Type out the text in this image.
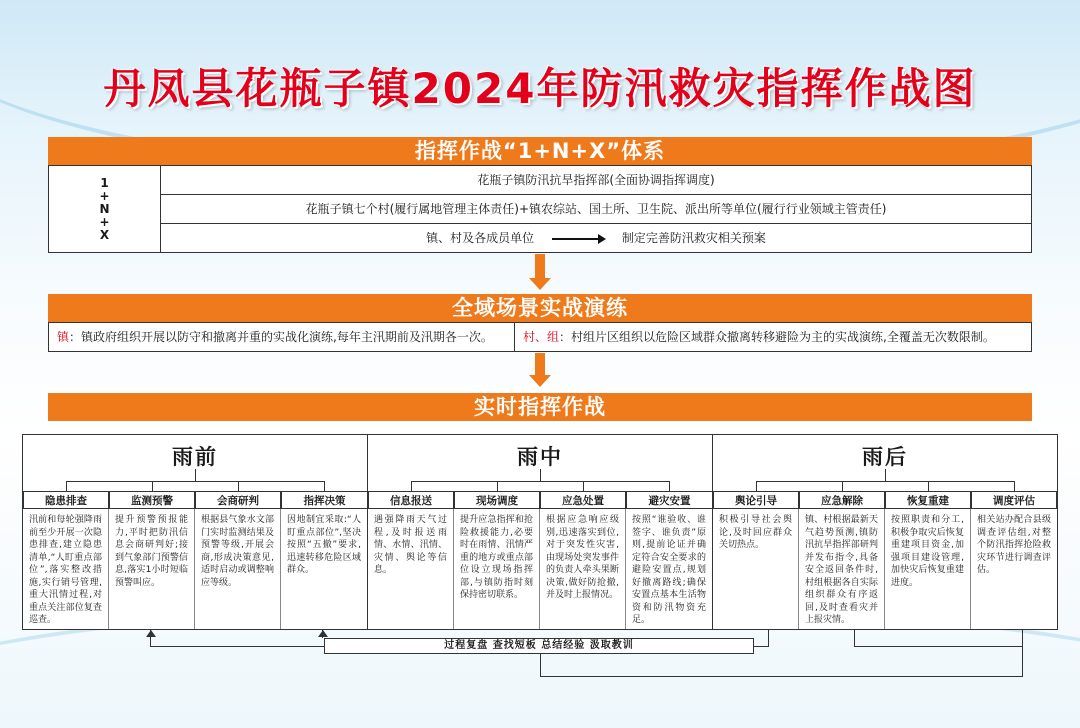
丹凤县花瓶子镇2024年防汛救灾指挥作战图
指挥作战“1+N+X”体系
1
+
N
+
X
花瓶子镇防汛抗旱指挥部(全面协调指挥调度)
花瓶子镇七个村(履行属地管理主体责任)+镇农综站、国土所、卫生院、派出所等单位(履行行业领域主管责任)
镇、村及各成员单位	制定完善防汛救灾相关预案
全域场景实战演练
镇：镇政府组织开展以防守和撤离并重的实战化演练,每年主汛期前及汛期各一次。	村、组：村组片区组织以危险区域群众撤离转移避险为主的实战演练,全覆盖无次数限制。
实时指挥作战
雨前
隐患排查	监测预警	会商研判	指挥决策
汛前和每轮强降雨前至少开展一次隐患排查,建立隐患清单,“人盯重点部位”,落实整改措施,实行销号管理,重大汛情过程,对重点关注部位复查巡查。
提升预警预报能力,平时把防汛信息会商研判好;接到气象部门预警信息,落实1小时短临预警叫应。
根据县气象水文部门实时监测结果及预警等级,开展会商,形成决策意见,适时启动或调整响应等级。
因地制宜采取:“人盯重点部位”,坚决按照“五撤”要求,迅速转移危险区域群众。
雨中
信息报送	现场调度	应急处置	避灾安置
遇强降雨天气过程,及时报送雨情、水情、汛情、灾情、舆论等信息。
提升应急指挥和抢险救援能力,必要时在雨情、汛情严重的地方或重点部位设立现场指挥部,与镇防指时刻保持密切联系。
根据应急响应级别,迅速落实到位,对于突发性灾害,由现场处突发事件的负责人牵头果断决策,做好防抢撤,并及时上报情况。
按照“谁验收、谁签字、谁负责”原则,提前论证并确定符合安全要求的避险安置点,规划好撤离路线;确保安置点基本生活物资和防汛物资充足。
雨后
舆论引导	应急解除	恢复重建	调度评估
积极引导社会舆论,及时回应群众关切热点。
镇、村根据最新天气趋势预测,镇防汛抗旱指挥部研判并发布指令,具备安全返回条件时,村组根据各自实际组织群众有序返回,及时查看灾并上报灾情。
按照职责和分工,积极争取灾后恢复重建项目资金,加强项目建设管理,加快灾后恢复重建进度。
相关站办配合县级调查评估组,对整个防汛指挥抢险救灾环节进行调查评估。
过程复盘 查找短板 总结经验 汲取教训
